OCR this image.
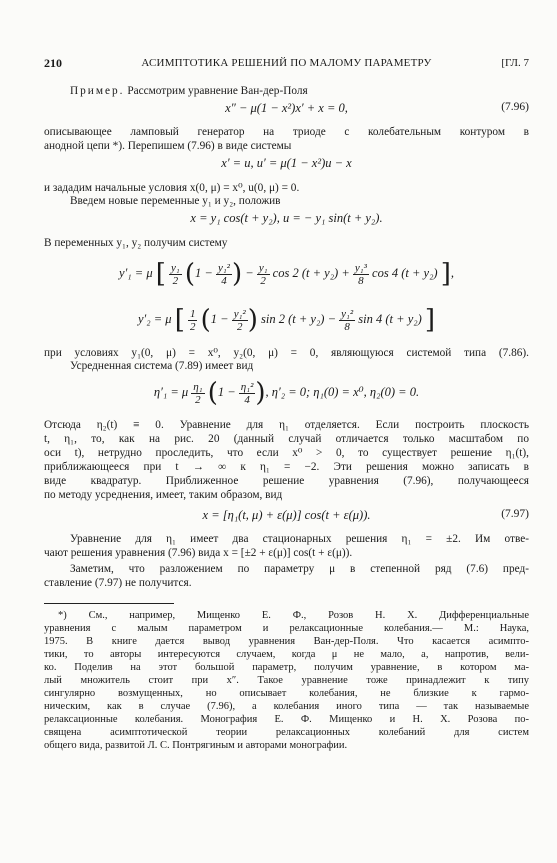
210	АСИМПТОТИКА РЕШЕНИЙ ПО МАЛОМУ ПАРАМЕТРУ	[ГЛ. 7
Пример. Рассмотрим уравнение Ван-дер-Поля
x″ − μ(1 − x²)x′ + x = 0,	(7.96)
описывающее ламповый генератор на триоде с колебательным контуром в
анодной цепи *). Перепишем (7.96) в виде системы
x′ = u, u′ = μ(1 − x²)u − x
и зададим начальные условия x(0, μ) = x⁰, u(0, μ) = 0.
Введем новые переменные y₁ и y₂, положив
x = y₁ cos(t + y₂), u = − y₁ sin(t + y₂).
В переменных y₁, y₂ получим систему
y′₁ = μ [ $\frac{\text{y₁}}{2} (1 - \frac{\text{y₁²}}{4}$ ) − $\frac{\text{y₁}}{2}$ cos 2 $(t + y_2) + \frac{\text{y₁³}}{8}$ cos 4 (t + y₂) ],
y′₂ = μ [ $\frac{1}{2} (1 - \frac{\text{y₁²}}{2}$ ) sin 2 $(t + y_2) - \frac{\text{y₁²}}{8}$ sin 4 (t + y₂) ]
при условиях y₁(0, μ) = x⁰, y₂(0, μ) = 0, являющуюся системой типа (7.86).
Усредненная система (7.89) имеет вид
η′₁ = μ $\frac{\text{η₁}}{2} (1 - \frac{\text{η₁²}}{4}$ ), η′₂ = 0; η₁(0) = x⁰, η₂(0) = 0.
Отсюда η₂(t) ≡ 0. Уравнение для η₁ отделяется. Если построить плоскость
t, η₁, то, как на рис. 20 (данный случай отличается только масштабом по
оси t), нетрудно проследить, что если x⁰ > 0, то существует решение η₁(t),
приближающееся при t → ∞ к η₁ = −2. Эти решения можно записать в
виде квадратур. Приближенное решение уравнения (7.96), получающееся
по методу усреднения, имеет, таким образом, вид
x = [η₁(t, μ) + ε(μ)] cos(t + ε(μ)).	(7.97)
Уравнение для η₁ имеет два стационарных решения η₁ = ±2. Им отве-
чают решения уравнения (7.96) вида x = [±2 + ε(μ)] cos(t + ε(μ)).
Заметим, что разложением по параметру μ в степенной ряд (7.6) пред-
ставление (7.97) не получится.
*) См., например, Мищенко Е. Ф., Розов Н. Х. Дифференциальные
уравнения с малым параметром и релаксационные колебания.— М.: Наука,
1975. В книге дается вывод уравнения Ван-дер-Поля. Что касается асимпто-
тики, то авторы интересуются случаем, когда μ не мало, а, напротив, вели-
ко. Поделив на этот большой параметр, получим уравнение, в котором ма-
лый множитель стоит при x″. Такое уравнение тоже принадлежит к типу
сингулярно возмущенных, но описывает колебания, не близкие к гармо-
ническим, как в случае (7.96), а колебания иного типа — так называемые
релаксационные колебания. Монография Е. Ф. Мищенко и Н. Х. Розова по-
священа асимптотической теории релаксационных колебаний для систем
общего вида, развитой Л. С. Понтрягиным и авторами монографии.
